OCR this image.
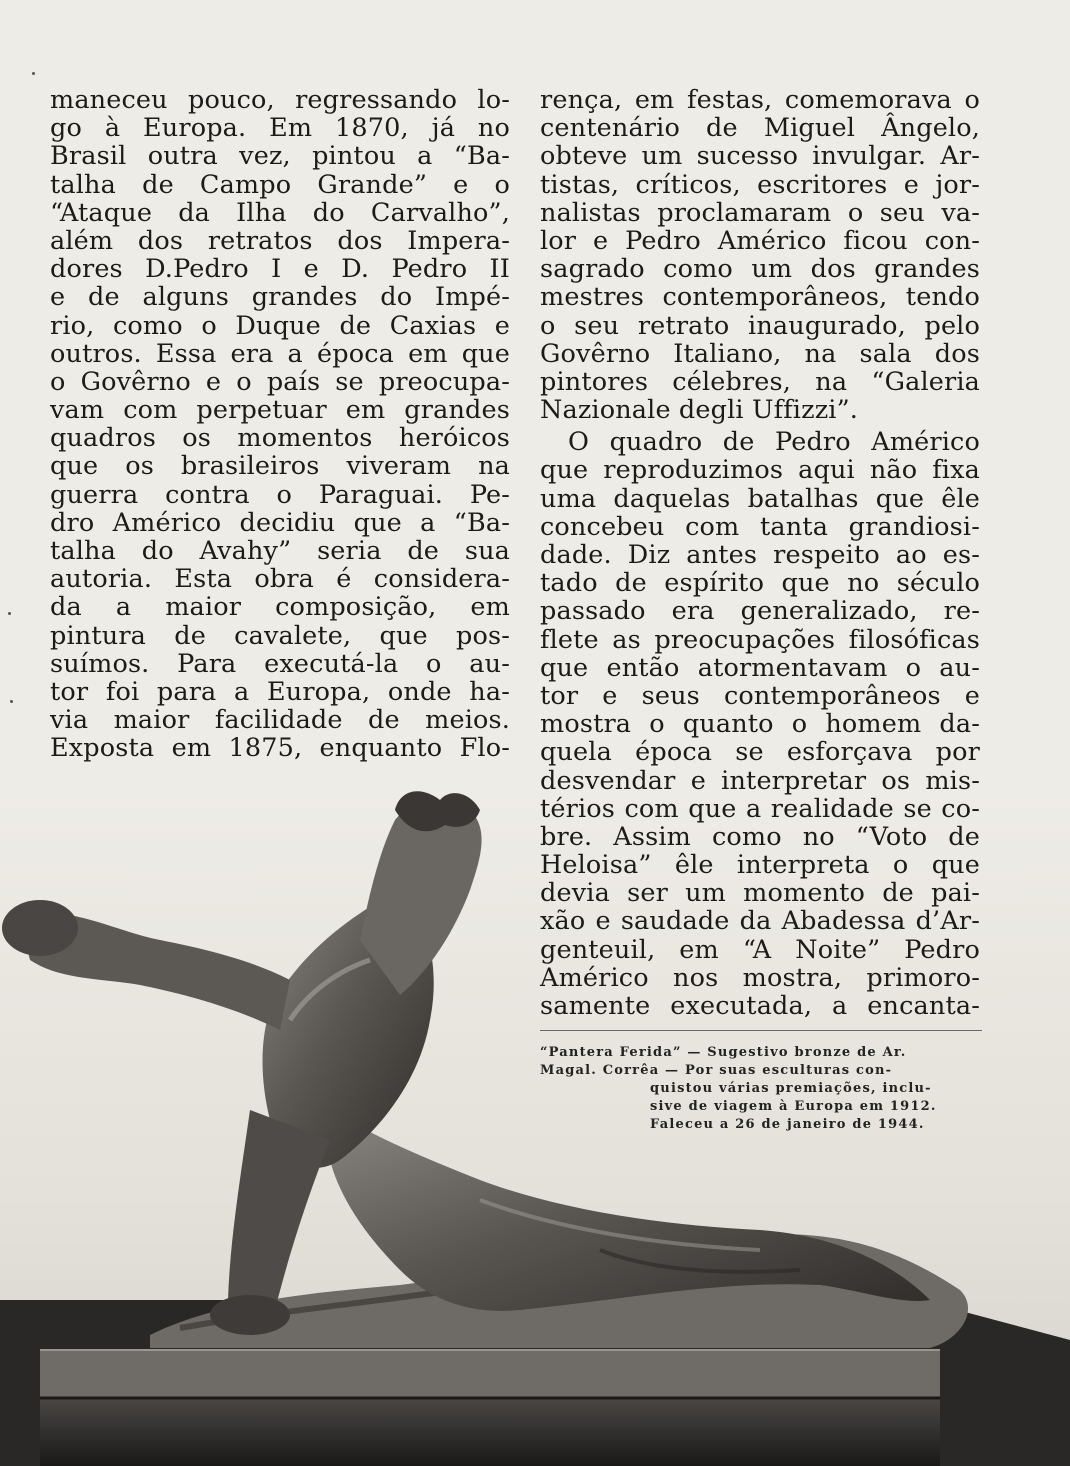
maneceu pouco, regressando lo-
go à Europa. Em 1870, já no
Brasil outra vez, pintou a “Ba-
talha de Campo Grande” e o
“Ataque da Ilha do Carvalho”,
além dos retratos dos Impera-
dores D.Pedro I e D. Pedro II
e de alguns grandes do Impé-
rio, como o Duque de Caxias e
outros. Essa era a época em que
o Govêrno e o país se preocupa-
vam com perpetuar em grandes
quadros os momentos heróicos
que os brasileiros viveram na
guerra contra o Paraguai. Pe-
dro Américo decidiu que a “Ba-
talha do Avahy” seria de sua
autoria. Esta obra é considera-
da a maior composição, em
pintura de cavalete, que pos-
suímos. Para executá-la o au-
tor foi para a Europa, onde ha-
via maior facilidade de meios.
Exposta em 1875, enquanto Flo-
rença, em festas, comemorava o
centenário de Miguel Ângelo,
obteve um sucesso invulgar. Ar-
tistas, críticos, escritores e jor-
nalistas proclamaram o seu va-
lor e Pedro Américo ficou con-
sagrado como um dos grandes
mestres contemporâneos, tendo
o seu retrato inaugurado, pelo
Govêrno Italiano, na sala dos
pintores célebres, na “Galeria
Nazionale degli Uffizzi”.
O quadro de Pedro Américo
que reproduzimos aqui não fixa
uma daquelas batalhas que êle
concebeu com tanta grandiosi-
dade. Diz antes respeito ao es-
tado de espírito que no século
passado era generalizado, re-
flete as preocupações filosóficas
que então atormentavam o au-
tor e seus contemporâneos e
mostra o quanto o homem da-
quela época se esforçava por
desvendar e interpretar os mis-
térios com que a realidade se co-
bre. Assim como no “Voto de
Heloisa” êle interpreta o que
devia ser um momento de pai-
xão e saudade da Abadessa d’Ar-
genteuil, em “A Noite” Pedro
Américo nos mostra, primoro-
samente executada, a encanta-
“Pantera Ferida” — Sugestivo bronze de Ar.
Magal. Corrêa — Por suas esculturas con-
quistou várias premiações, inclu-
sive de viagem à Europa em 1912.
Faleceu a 26 de janeiro de 1944.
